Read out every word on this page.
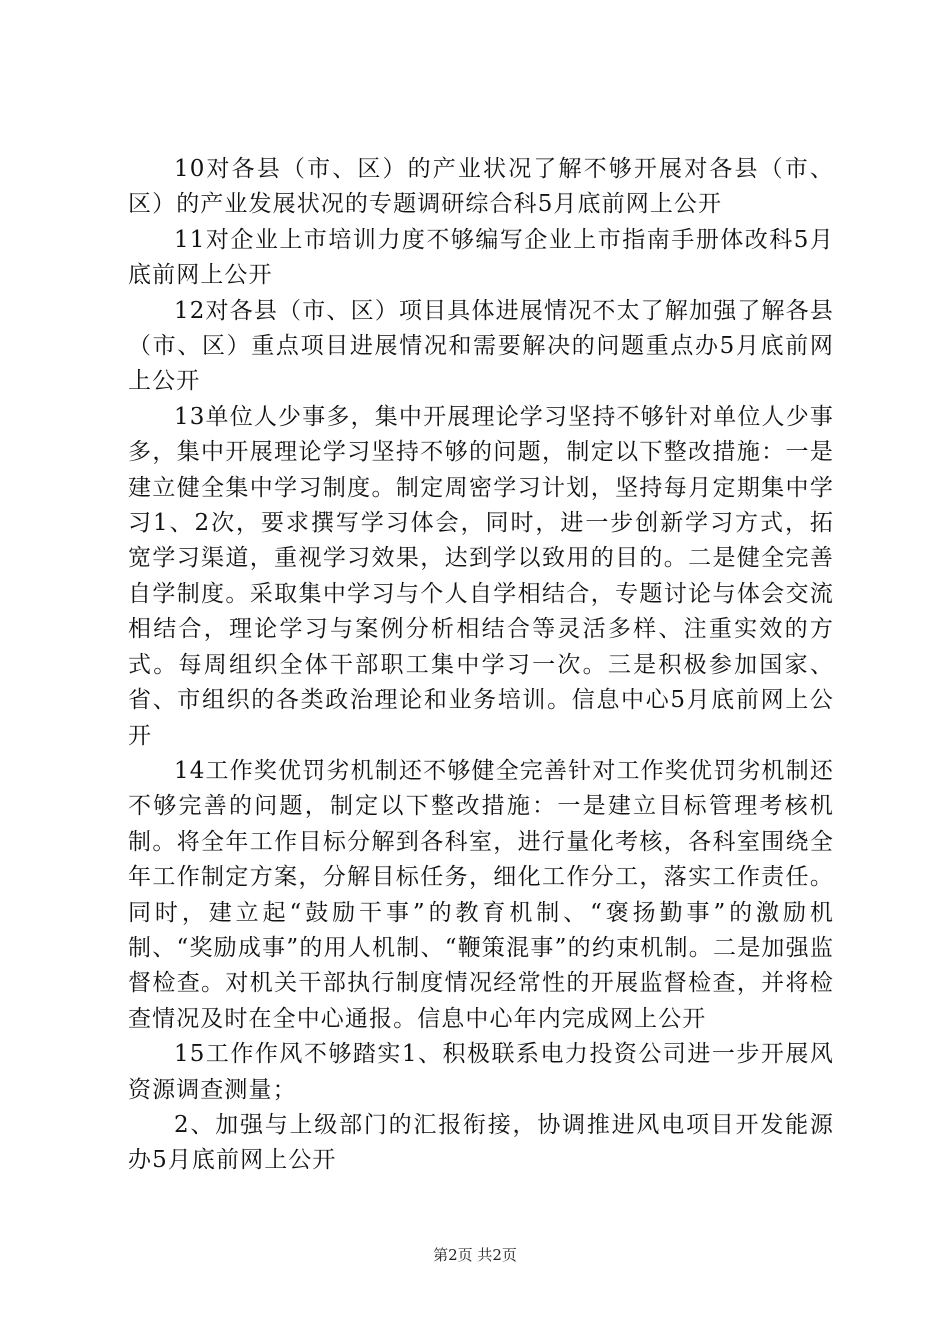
10对各县（市、区）的产业状况了解不够开展对各县（市、区）的产业发展状况的专题调研综合科5月底前网上公开

11对企业上市培训力度不够编写企业上市指南手册体改科5月底前网上公开

12对各县（市、区）项目具体进展情况不太了解加强了解各县（市、区）重点项目进展情况和需要解决的问题重点办5月底前网上公开

13单位人少事多，集中开展理论学习坚持不够针对单位人少事多，集中开展理论学习坚持不够的问题，制定以下整改措施：一是建立健全集中学习制度。制定周密学习计划，坚持每月定期集中学习1、2次，要求撰写学习体会，同时，进一步创新学习方式，拓宽学习渠道，重视学习效果，达到学以致用的目的。二是健全完善自学制度。采取集中学习与个人自学相结合，专题讨论与体会交流相结合，理论学习与案例分析相结合等灵活多样、注重实效的方式。每周组织全体干部职工集中学习一次。三是积极参加国家、省、市组织的各类政治理论和业务培训。信息中心5月底前网上公开

14工作奖优罚劣机制还不够健全完善针对工作奖优罚劣机制还不够完善的问题，制定以下整改措施：一是建立目标管理考核机制。将全年工作目标分解到各科室，进行量化考核，各科室围绕全年工作制定方案，分解目标任务，细化工作分工，落实工作责任。同时，建立起“鼓励干事”的教育机制、“褒扬勤事”的激励机制、“奖励成事”的用人机制、“鞭策混事”的约束机制。二是加强监督检查。对机关干部执行制度情况经常性的开展监督检查，并将检查情况及时在全中心通报。信息中心年内完成网上公开

15工作作风不够踏实1、积极联系电力投资公司进一步开展风资源调查测量；

2、加强与上级部门的汇报衔接，协调推进风电项目开发能源办5月底前网上公开

第2页 共2页
